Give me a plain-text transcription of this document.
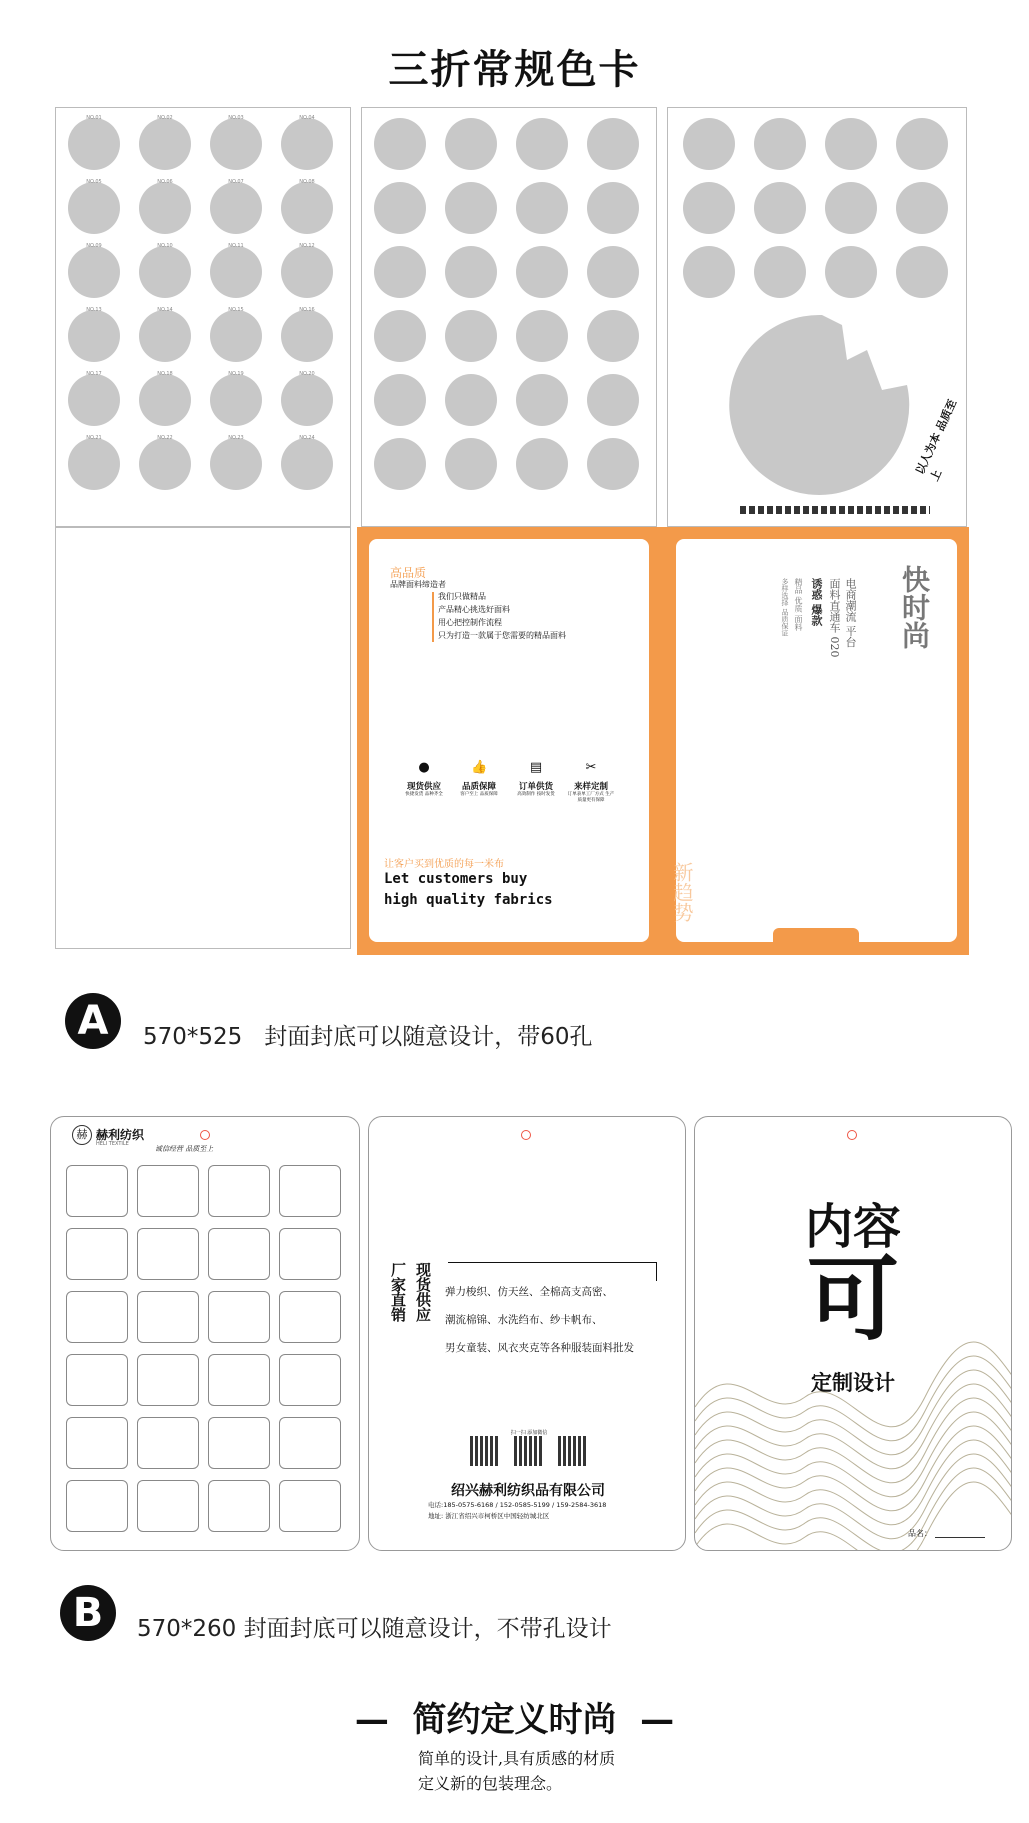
三折常规色卡
以人为本 品质至上
用心做工 好布精选
高品质
品牌面料缔造者
我们只做精品
产品精心挑选好面料
用心把控制作流程
只为打造一款属于您需要的精品面料
让客户买到优质的每一米布
Let customers buy
high quality fabrics
快时尚
电商潮流 平台
面料直通车 020
诱惑 爆款
精品 优质 面料
多样选择 品质保证
新趋势
A	570*525   封面封底可以随意设计，带60孔
赫 赫利纺织
HELI TEXTILE
诚信经营 品质至上
厂家直销 现货供应 弹力梭织、仿天丝、全棉高支高密、
潮流棉锦、水洗绉布、纱卡帆布、
男女童装、风衣夹克等各种服装面料批发
扫一扫 添加微信
绍兴赫利纺织品有限公司
电话:185-0575-6168 / 152-0585-5199 / 159-2584-3618
地址: 浙江省绍兴市柯桥区中国轻纺城北区
内容
可
定制设计
品名：
B	570*260 封面封底可以随意设计，不带孔设计
—  简约定义时尚  —
简单的设计,具有质感的材质
定义新的包装理念。
NO.01	NO.02	NO.03	NO.04
NO.05	NO.06	NO.07	NO.08
NO.09	NO.10	NO.11	NO.12
NO.13	NO.14	NO.15	NO.16
NO.17	NO.18	NO.19	NO.20
NO.21	NO.22	NO.23	NO.24
●
现货供应
快捷发货 品种齐全
👍
品质保障
客户至上 品质保障
▤
订单供货
高效制作 按时发货
✂
来样定制
订单表单工厂方式 生产 质量更有保障
